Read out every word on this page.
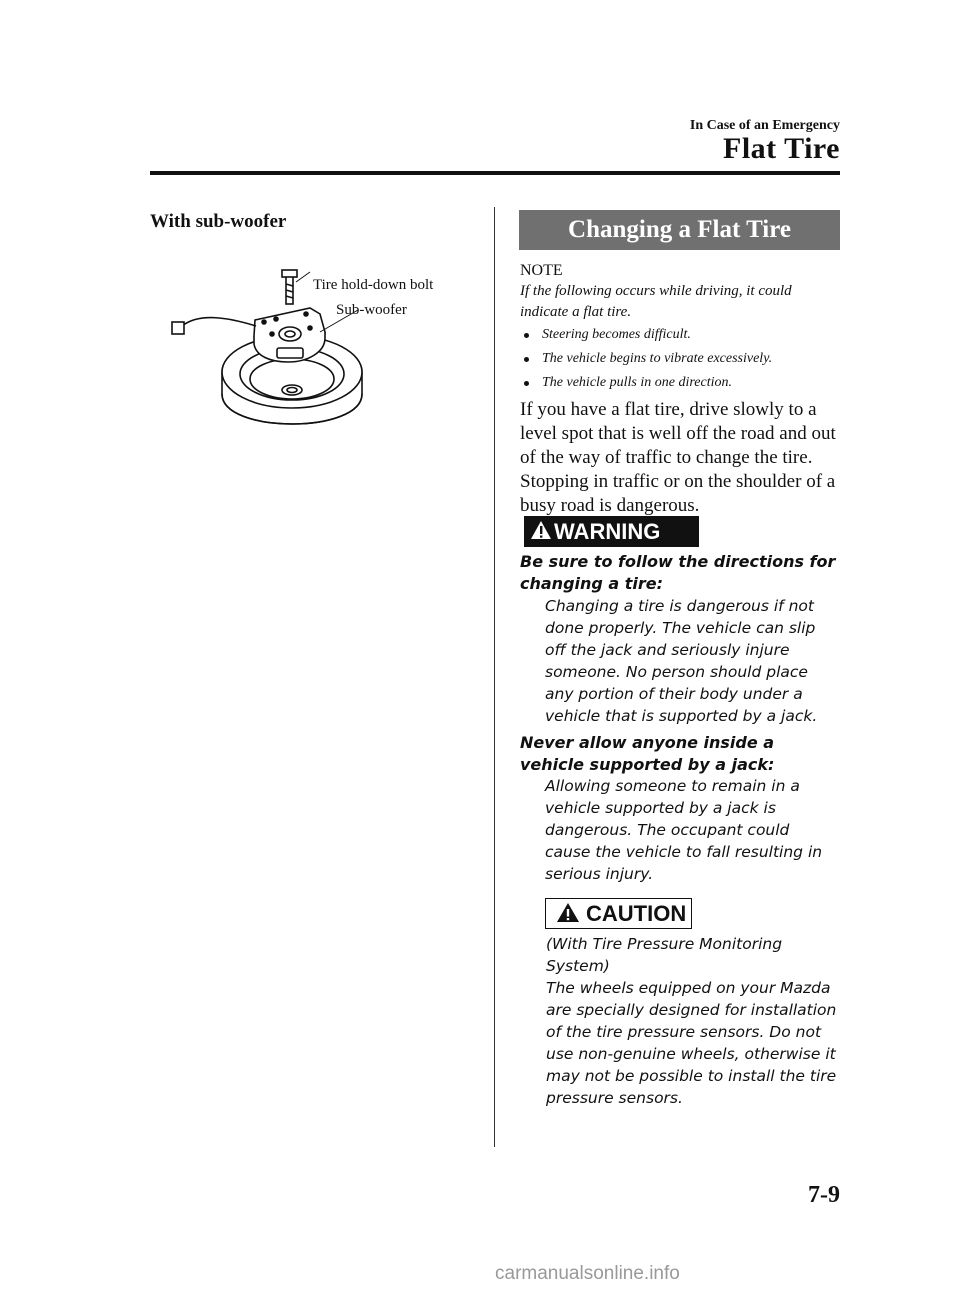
In Case of an Emergency
Flat Tire
With sub-woofer
Tire hold-down bolt
Sub-woofer
Changing a Flat Tire
NOTE
If the following occurs while driving, it could indicate a flat tire.
Steering becomes difficult.
The vehicle begins to vibrate excessively.
The vehicle pulls in one direction.
If you have a flat tire, drive slowly to a level spot that is well off the road and out of the way of traffic to change the tire. Stopping in traffic or on the shoulder of a busy road is dangerous.
WARNING
Be sure to follow the directions for changing a tire:
Changing a tire is dangerous if not done properly. The vehicle can slip off the jack and seriously injure someone. No person should place any portion of their body under a vehicle that is supported by a jack.
Never allow anyone inside a vehicle supported by a jack:
Allowing someone to remain in a vehicle supported by a jack is dangerous. The occupant could cause the vehicle to fall resulting in serious injury.
CAUTION
(With Tire Pressure Monitoring System)
The wheels equipped on your Mazda are specially designed for installation of the tire pressure sensors. Do not use non-genuine wheels, otherwise it may not be possible to install the tire pressure sensors.
7-9
carmanualsonline.info
